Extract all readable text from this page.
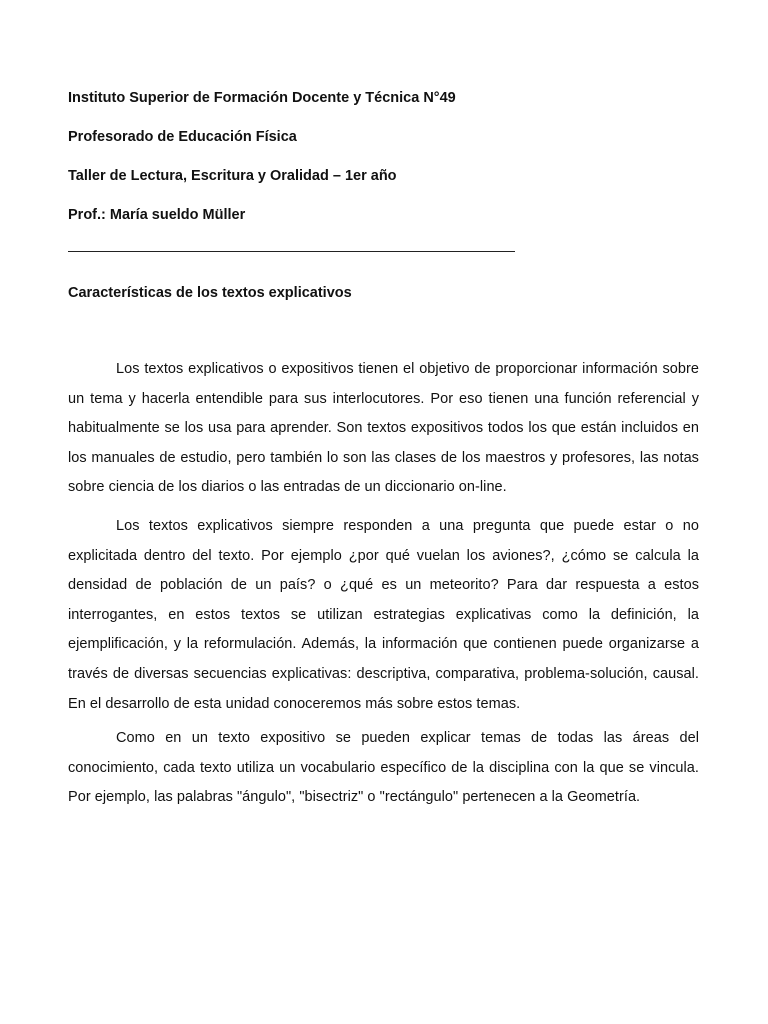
Instituto Superior de Formación Docente y Técnica N°49

Profesorado de Educación Física

Taller de Lectura, Escritura y Oralidad – 1er año

Prof.: María sueldo Müller

Características de los textos explicativos

Los textos explicativos o expositivos tienen el objetivo de proporcionar información sobre un tema y hacerla entendible para sus interlocutores. Por eso tienen una función referencial y habitualmente se los usa para aprender. Son textos expositivos todos los que están incluidos en los manuales de estudio, pero también lo son las clases de los maestros y profesores, las notas sobre ciencia de los diarios o las entradas de un diccionario on-line.

Los textos explicativos siempre responden a una pregunta que puede estar o no explicitada dentro del texto. Por ejemplo ¿por qué vuelan los aviones?, ¿cómo se calcula la densidad de población de un país? o ¿qué es un meteorito? Para dar respuesta a estos interrogantes, en estos textos se utilizan estrategias explicativas como la definición, la ejemplificación, y la reformulación. Además, la información que contienen puede organizarse a través de diversas secuencias explicativas: descriptiva, comparativa, problema-solución, causal. En el desarrollo de esta unidad conoceremos más sobre estos temas.

Como en un texto expositivo se pueden explicar temas de todas las áreas del conocimiento, cada texto utiliza un vocabulario específico de la disciplina con la que se vincula. Por ejemplo, las palabras "ángulo", "bisectriz" o "rectángulo" pertenecen a la Geometría.
